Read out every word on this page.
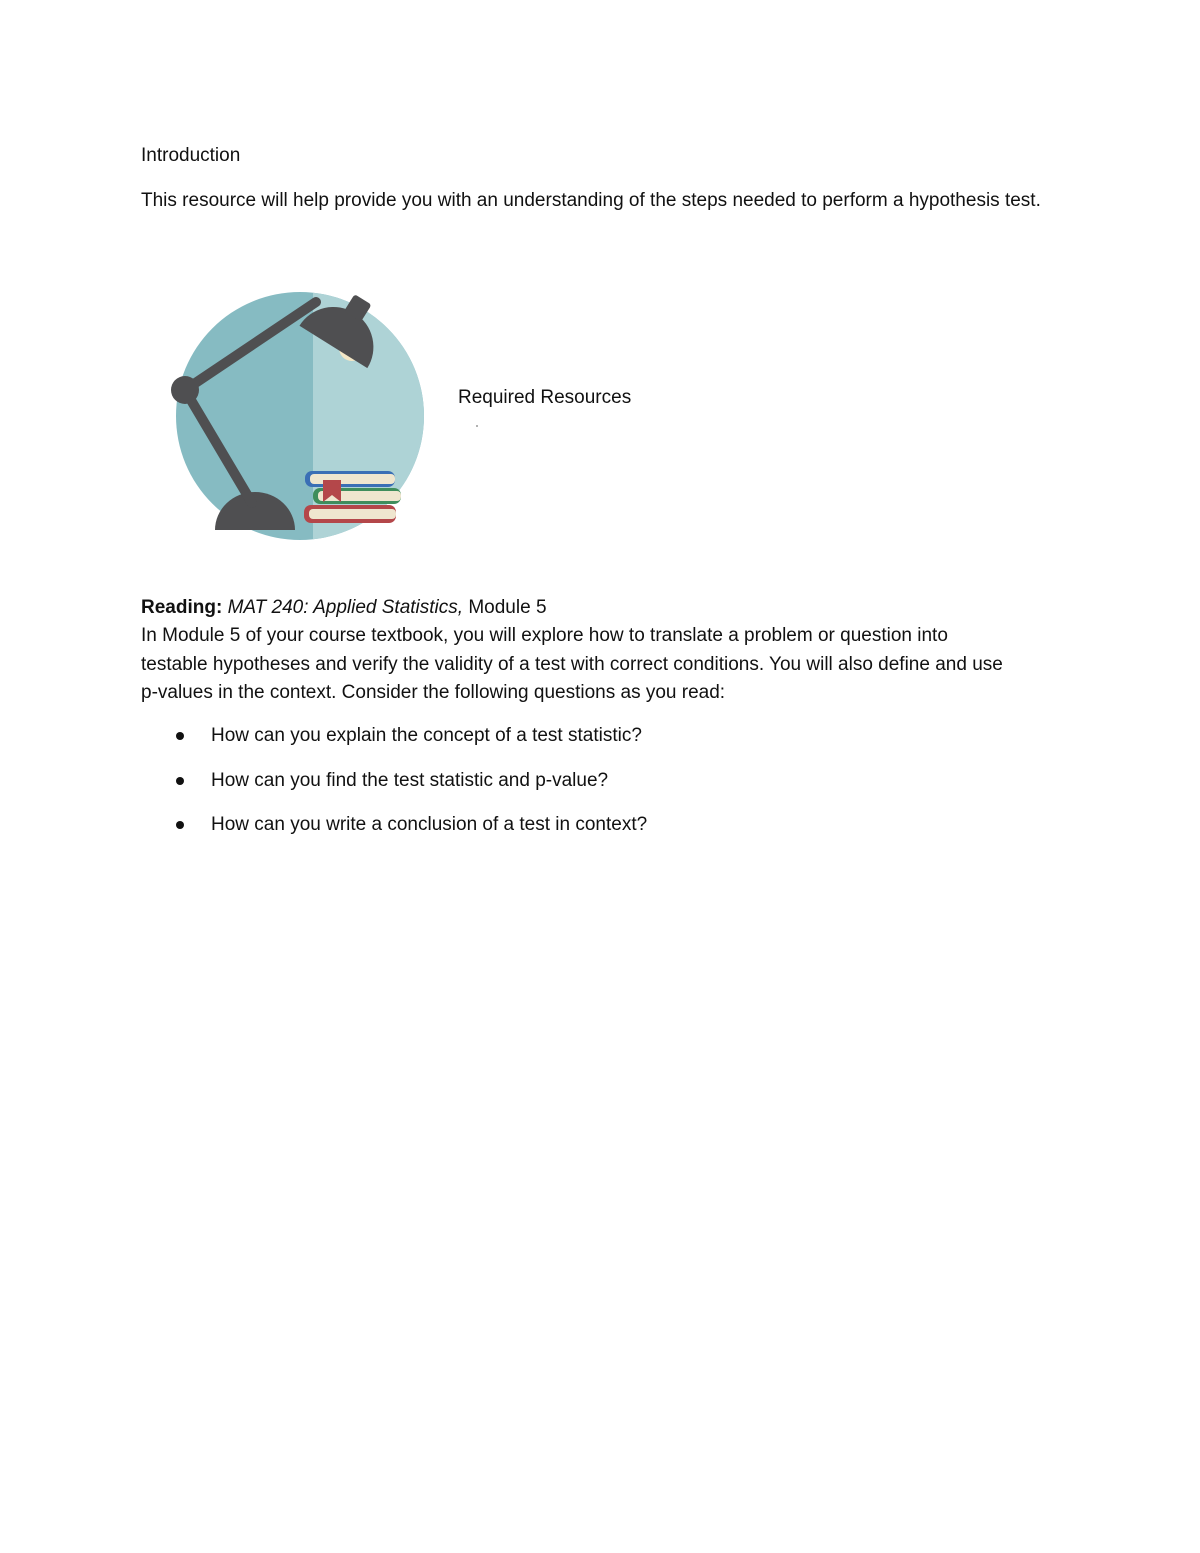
Introduction

This resource will help provide you with an understanding of the steps needed to perform a hypothesis test.

Required Resources

Reading: MAT 240: Applied Statistics, Module 5
In Module 5 of your course textbook, you will explore how to translate a problem or question into
testable hypotheses and verify the validity of a test with correct conditions. You will also define and use
p-values in the context. Consider the following questions as you read:
How can you explain the concept of a test statistic?
How can you find the test statistic and p-value?
How can you write a conclusion of a test in context?
